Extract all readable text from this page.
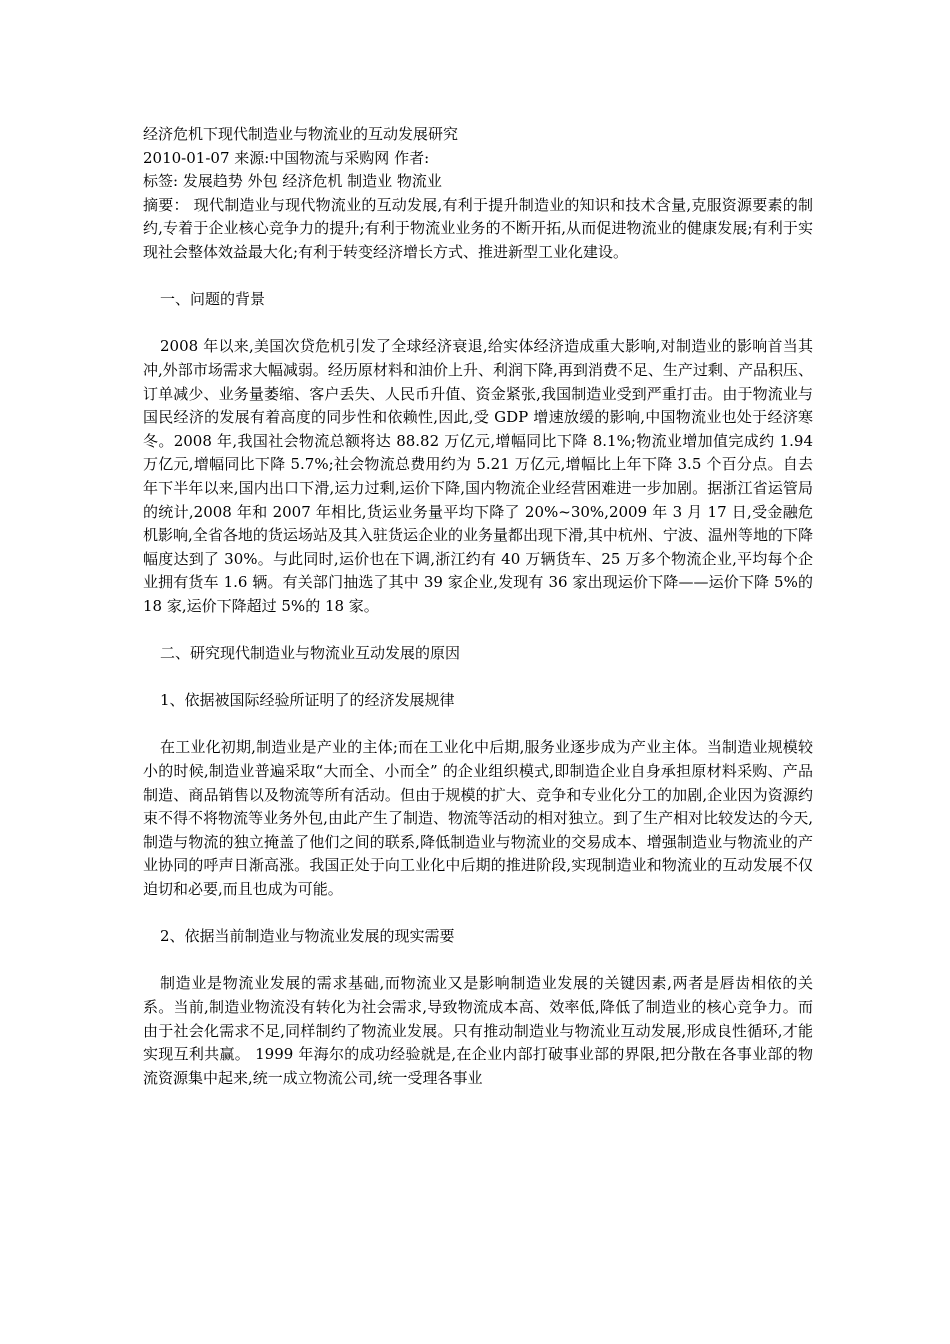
经济危机下现代制造业与物流业的互动发展研究

2010-01-07 来源:中国物流与采购网 作者:

标签: 发展趋势 外包 经济危机 制造业 物流业

摘要： 现代制造业与现代物流业的互动发展,有利于提升制造业的知识和技术含量,克服资源要素的制约,专着于企业核心竞争力的提升;有利于物流业业务的不断开拓,从而促进物流业的健康发展;有利于实现社会整体效益最大化;有利于转变经济增长方式、推进新型工业化建设。

一、问题的背景

2008 年以来,美国次贷危机引发了全球经济衰退,给实体经济造成重大影响,对制造业的影响首当其冲,外部市场需求大幅减弱。经历原材料和油价上升、利润下降,再到消费不足、生产过剩、产品积压、订单减少、业务量萎缩、客户丢失、人民币升值、资金紧张,我国制造业受到严重打击。由于物流业与国民经济的发展有着高度的同步性和依赖性,因此,受 GDP 增速放缓的影响,中国物流业也处于经济寒冬。2008 年,我国社会物流总额将达 88.82 万亿元,增幅同比下降 8.1%;物流业增加值完成约 1.94 万亿元,增幅同比下降 5.7%;社会物流总费用约为 5.21 万亿元,增幅比上年下降 3.5 个百分点。自去年下半年以来,国内出口下滑,运力过剩,运价下降,国内物流企业经营困难进一步加剧。据浙江省运管局的统计,2008 年和 2007 年相比,货运业务量平均下降了 20%~30%,2009 年 3 月 17 日,受金融危机影响,全省各地的货运场站及其入驻货运企业的业务量都出现下滑,其中杭州、宁波、温州等地的下降幅度达到了 30%。与此同时,运价也在下调,浙江约有 40 万辆货车、25 万多个物流企业,平均每个企业拥有货车 1.6 辆。有关部门抽选了其中 39 家企业,发现有 36 家出现运价下降——运价下降 5%的 18 家,运价下降超过 5%的 18 家。

二、研究现代制造业与物流业互动发展的原因

1、依据被国际经验所证明了的经济发展规律

在工业化初期,制造业是产业的主体;而在工业化中后期,服务业逐步成为产业主体。当制造业规模较小的时候,制造业普遍采取“大而全、小而全” 的企业组织模式,即制造企业自身承担原材料采购、产品制造、商品销售以及物流等所有活动。但由于规模的扩大、竞争和专业化分工的加剧,企业因为资源约束不得不将物流等业务外包,由此产生了制造、物流等活动的相对独立。到了生产相对比较发达的今天,制造与物流的独立掩盖了他们之间的联系,降低制造业与物流业的交易成本、增强制造业与物流业的产业协同的呼声日渐高涨。我国正处于向工业化中后期的推进阶段,实现制造业和物流业的互动发展不仅迫切和必要,而且也成为可能。

2、依据当前制造业与物流业发展的现实需要

制造业是物流业发展的需求基础,而物流业又是影响制造业发展的关键因素,两者是唇齿相依的关系。当前,制造业物流没有转化为社会需求,导致物流成本高、效率低,降低了制造业的核心竞争力。而由于社会化需求不足,同样制约了物流业发展。只有推动制造业与物流业互动发展,形成良性循环,才能实现互利共赢。 1999 年海尔的成功经验就是,在企业内部打破事业部的界限,把分散在各事业部的物流资源集中起来,统一成立物流公司,统一受理各事业
